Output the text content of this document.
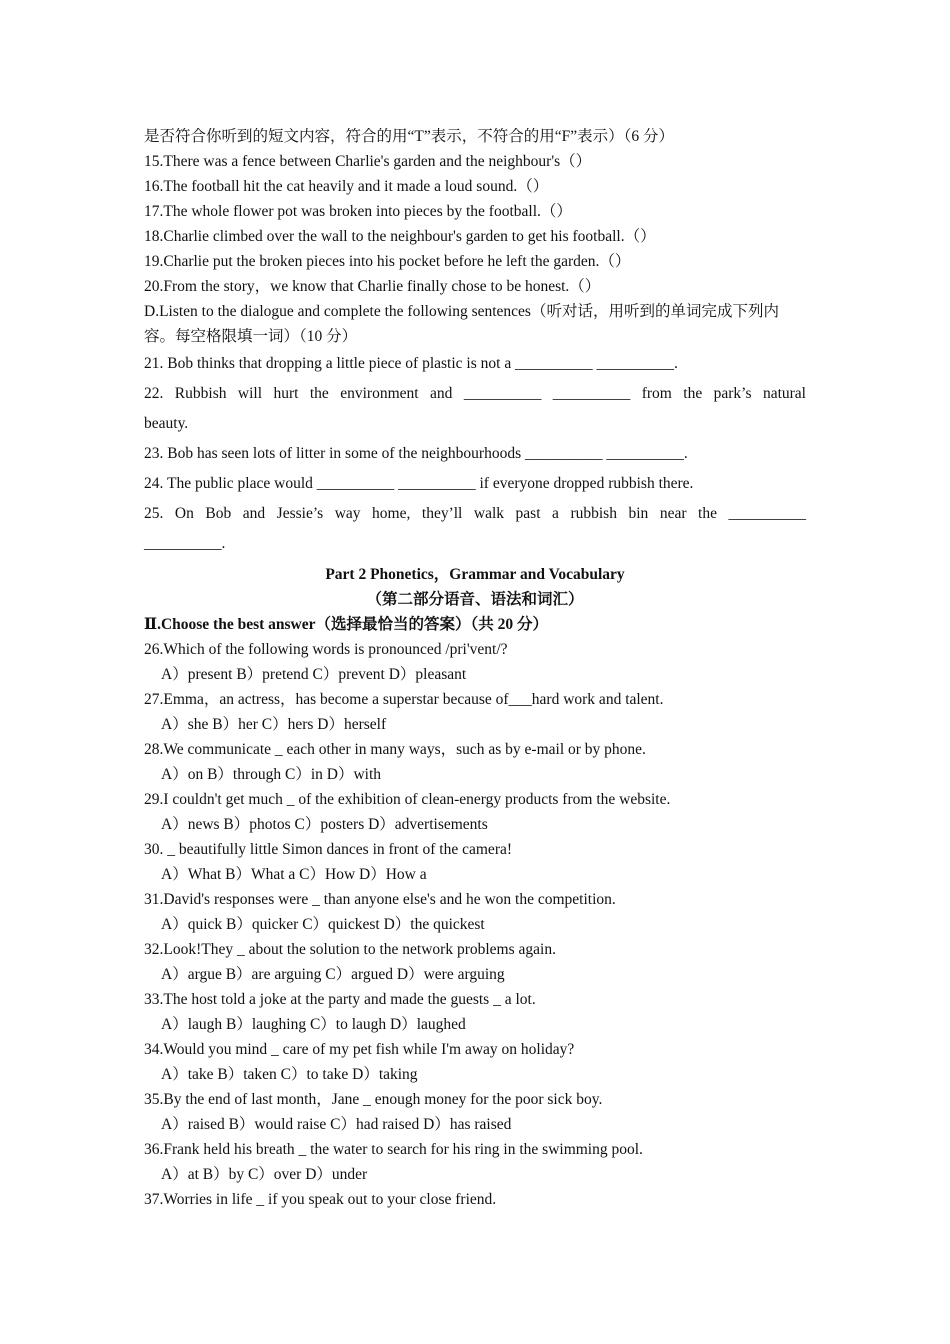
是否符合你听到的短文内容，符合的用“T”表示，不符合的用“F”表示）（6 分）
15.There was a fence between Charlie's garden and the neighbour's（）
16.The football hit the cat heavily and it made a loud sound.（）
17.The whole flower pot was broken into pieces by the football.（）
18.Charlie climbed over the wall to the neighbour's garden to get his football.（）
19.Charlie put the broken pieces into his pocket before he left the garden.（）
20.From the story，we know that Charlie finally chose to be honest.（）
D.Listen to the dialogue and complete the following sentences（听对话，用听到的单词完成下列内容。每空格限填一词）（10 分）
21. Bob thinks that dropping a little piece of plastic is not a __________ __________.
22. Rubbish will hurt the environment and __________ __________ from the park’s natural
beauty.
23. Bob has seen lots of litter in some of the neighbourhoods __________ __________.
24. The public place would __________ __________ if everyone dropped rubbish there.
25. On Bob and Jessie’s way home, they’ll walk past a rubbish bin near the __________
__________.
Part 2 Phonetics，Grammar and Vocabulary
（第二部分语音、语法和词汇）
Ⅱ.Choose the best answer（选择最恰当的答案）（共 20 分）
26.Which of the following words is pronounced /pri'vent/?
A）present B）pretend C）prevent D）pleasant
27.Emma，an actress，has become a superstar because of___hard work and talent.
A）she B）her C）hers D）herself
28.We communicate _ each other in many ways，such as by e-mail or by phone.
A）on B）through C）in D）with
29.I couldn't get much _ of the exhibition of clean-energy products from the website.
A）news B）photos C）posters D）advertisements
30. _ beautifully little Simon dances in front of the camera!
A）What B）What a C）How D）How a
31.David's responses were _ than anyone else's and he won the competition.
A）quick B）quicker C）quickest D）the quickest
32.Look!They _ about the solution to the network problems again.
A）argue B）are arguing C）argued D）were arguing
33.The host told a joke at the party and made the guests _ a lot.
A）laugh B）laughing C）to laugh D）laughed
34.Would you mind _ care of my pet fish while I'm away on holiday?
A）take B）taken C）to take D）taking
35.By the end of last month，Jane _ enough money for the poor sick boy.
A）raised B）would raise C）had raised D）has raised
36.Frank held his breath _ the water to search for his ring in the swimming pool.
A）at B）by C）over D）under
37.Worries in life _ if you speak out to your close friend.
